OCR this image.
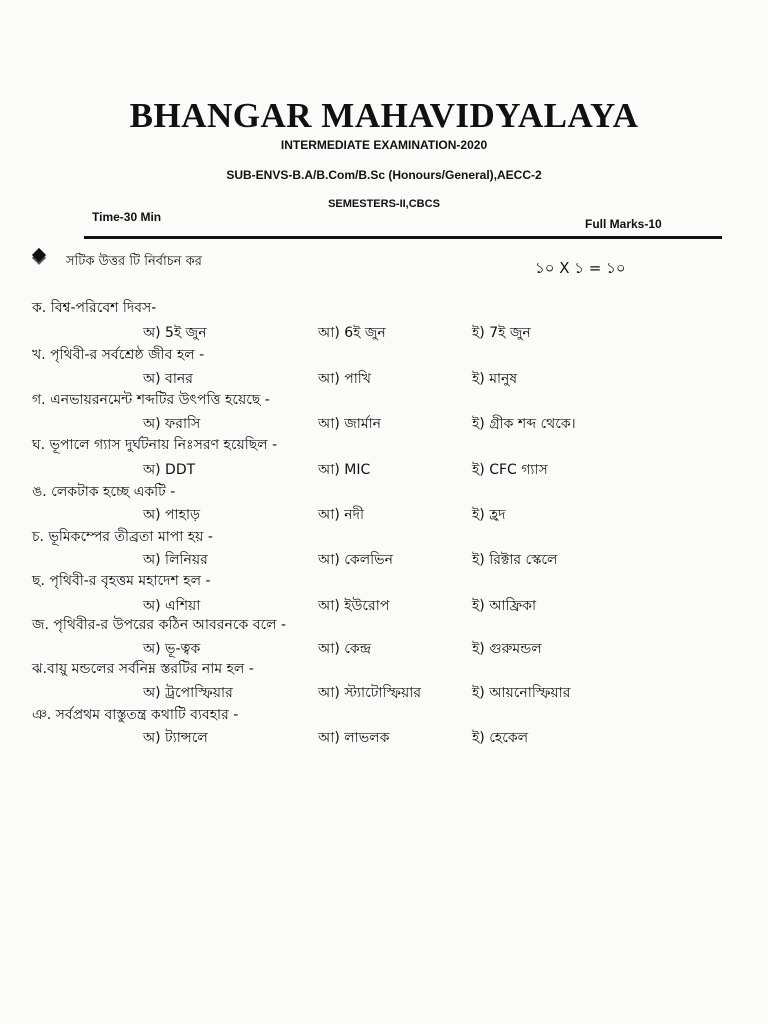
BHANGAR MAHAVIDYALAYA
INTERMEDIATE EXAMINATION-2020
SUB-ENVS-B.A/B.Com/B.Sc (Honours/General),AECC-2
SEMESTERS-II,CBCS
Time-30 Min	Full Marks-10
সটিক উত্তর টি নির্বাচন কর	১০ X ১ = ১০
ক. বিশ্ব-পরিবেশ দিবস-
অ) 5ই জুন	আ) 6ই জুন	ই) 7ই জুন
খ. পৃথিবী-র সর্বশ্রেষ্ঠ জীব হল -
অ) বানর	আ) পাখি	ই) মানুষ
গ. এনভায়রনমেন্ট শব্দটির উৎপত্তি হয়েছে -
অ) ফরাসি	আ) জার্মান	ই) গ্রীক শব্দ থেকে।
ঘ. ভূপালে গ্যাস দুর্ঘটনায় নিঃসরণ হয়েছিল -
অ) DDT	আ) MIC	ই) CFC গ্যাস
ঙ. লেকটাক হচ্ছে একটি -
অ) পাহাড়	আ) নদী	ই) হ্রদ
চ. ভূমিকম্পের তীব্রতা মাপা হয় -
অ) লিনিয়র	আ) কেলভিন	ই) রিক্টার স্কেলে
ছ. পৃথিবী-র বৃহত্তম মহাদেশ হল -
অ) এশিয়া	আ) ইউরোপ	ই) আফ্রিকা
জ. পৃথিবীর-র উপরের কঠিন আবরনকে বলে -
অ) ভূ-ত্বক	আ) কেন্দ্র	ই) গুরুমন্ডল
ঝ.বায়ু মন্ডলের সর্বনিম্ন স্তরটির নাম হল -
অ) ট্রপোস্ফিয়ার	আ) স্ট্যাটোস্ফিয়ার	ই) আয়নোস্ফিয়ার
ঞ. সর্বপ্রথম বাস্তুতন্ত্র কথাটি ব্যবহার -
অ) ট্যান্সলে	আ) লাভলক	ই) হেকেল
